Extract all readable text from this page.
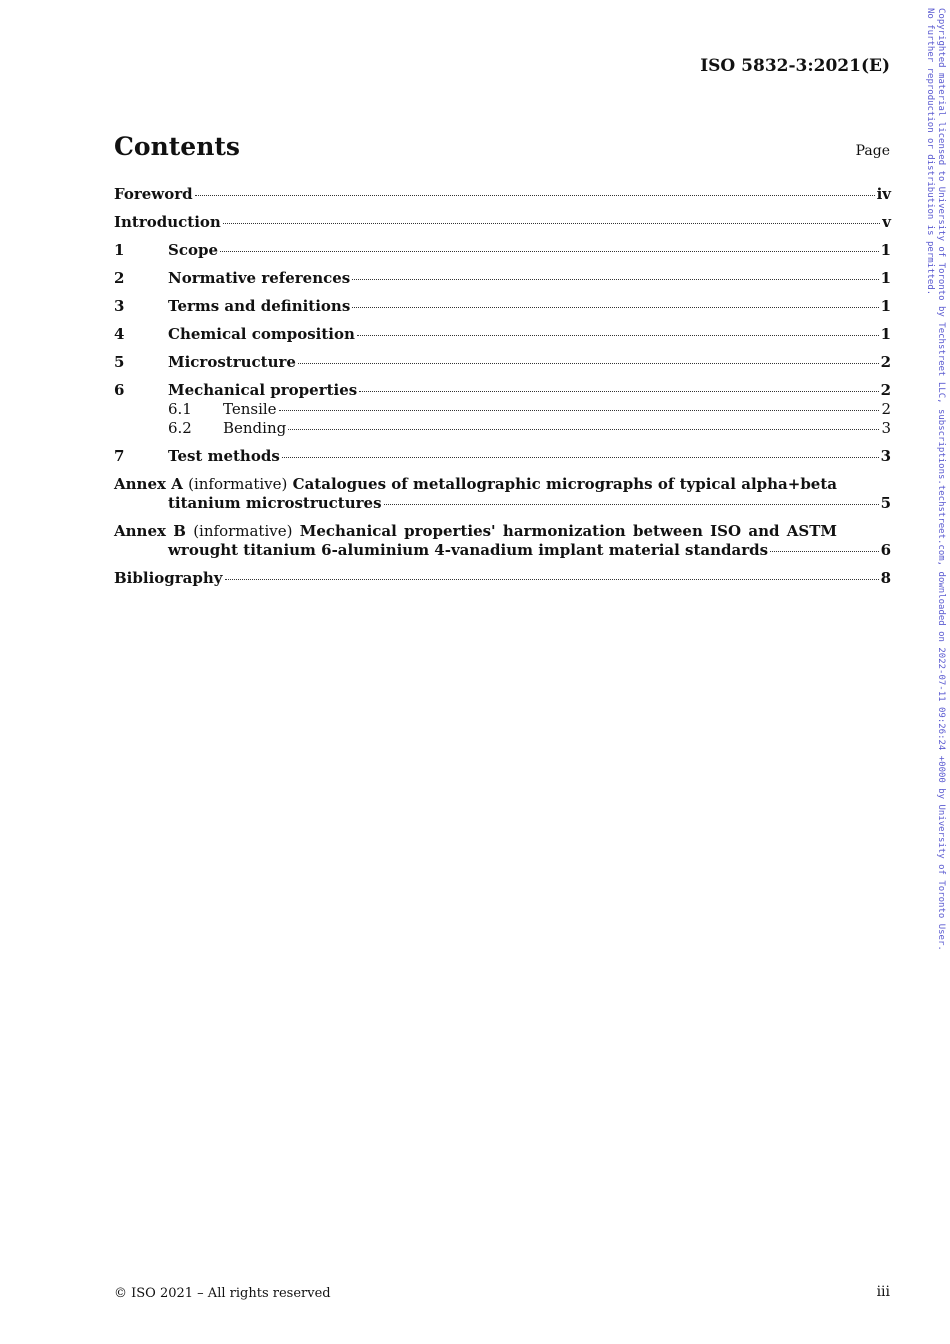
Copyrighted material licensed to University of Toronto by Techstreet LLC, subscriptions.techstreet.com, downloaded on 2022-07-11 09:26:24 +0000 by University of Toronto User.
No further reproduction or distribution is permitted.
ISO 5832-3:2021(E)
Contents	Page
Foreword	iv
Introduction	v
1	Scope	1
2	Normative references	1
3	Terms and definitions	1
4	Chemical composition	1
5	Microstructure	2
6	Mechanical properties	2
6.1	Tensile	2
6.2	Bending	3
7	Test methods	3
Annex A (informative) Catalogues of metallographic micrographs of typical alpha+beta
titanium microstructures	5
Annex B (informative) Mechanical properties' harmonization between ISO and ASTM
wrought titanium 6-aluminium 4-vanadium implant material standards	6
Bibliography	8
© ISO 2021 – All rights reserved	iii
